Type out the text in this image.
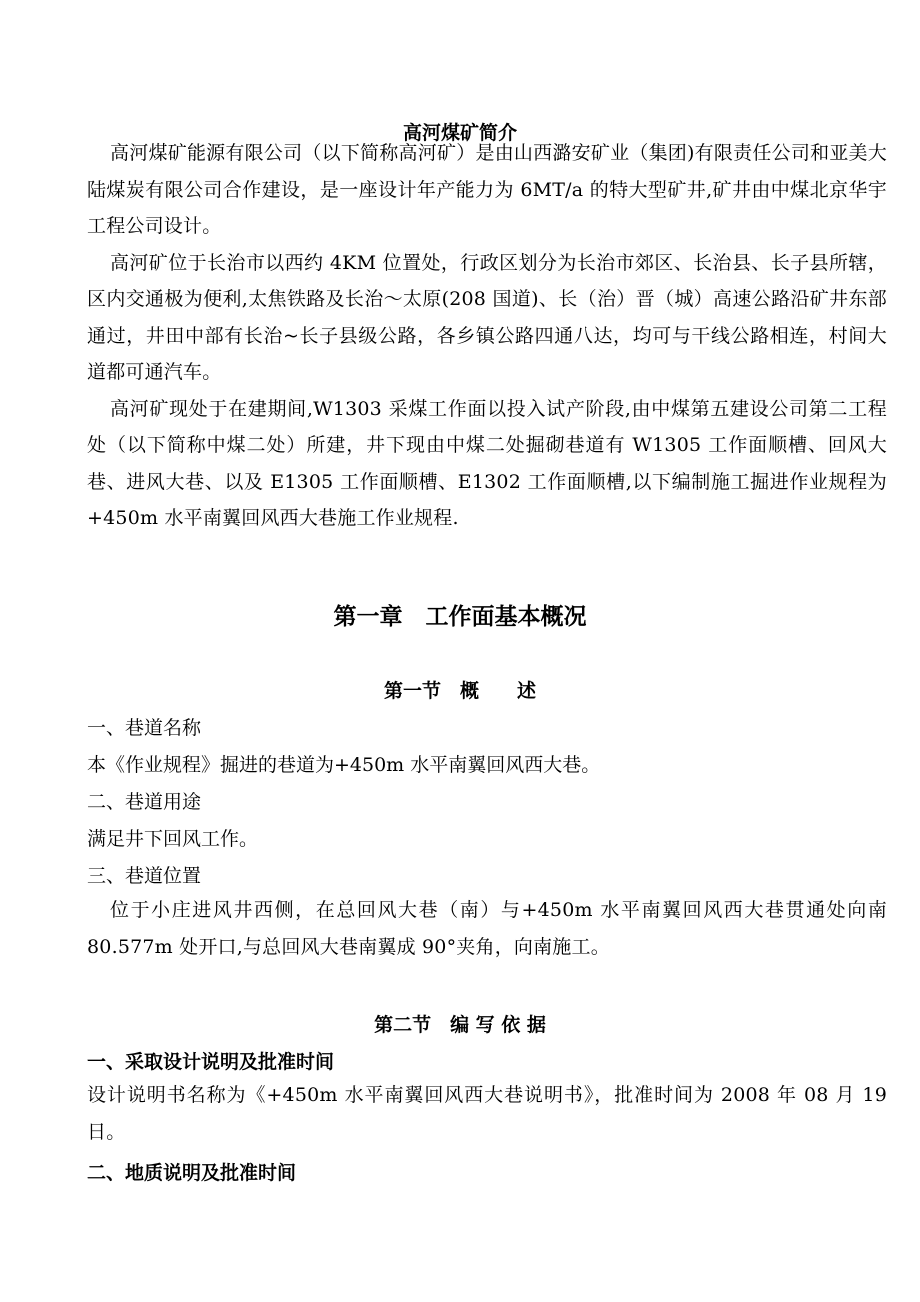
高河煤矿简介

高河煤矿能源有限公司（以下简称高河矿）是由山西潞安矿业（集团)有限责任公司和亚美大陆煤炭有限公司合作建设，是一座设计年产能力为 6MT/a 的特大型矿井,矿井由中煤北京华宇工程公司设计。

高河矿位于长治市以西约 4KM 位置处，行政区划分为长治市郊区、长治县、长子县所辖，区内交通极为便利,太焦铁路及长治～太原(208 国道)、长（治）晋（城）高速公路沿矿井东部通过，井田中部有长治~长子县级公路，各乡镇公路四通八达，均可与干线公路相连，村间大道都可通汽车。

高河矿现处于在建期间,W1303 采煤工作面以投入试产阶段,由中煤第五建设公司第二工程处（以下简称中煤二处）所建，井下现由中煤二处掘砌巷道有 W1305 工作面顺槽、回风大巷、进风大巷、以及 E1305 工作面顺槽、E1302 工作面顺槽,以下编制施工掘进作业规程为+450m 水平南翼回风西大巷施工作业规程.

第一章　工作面基本概况
第一节　概　　述
一、巷道名称
本《作业规程》掘进的巷道为+450m 水平南翼回风西大巷。
二、巷道用途
满足井下回风工作。
三、巷道位置

位于小庄进风井西侧，在总回风大巷（南）与+450m 水平南翼回风西大巷贯通处向南 80.577m 处开口,与总回风大巷南翼成 90°夹角，向南施工。

第二节　编 写 依 据
一、采取设计说明及批准时间

设计说明书名称为《+450m 水平南翼回风西大巷说明书》，批准时间为 2008 年 08 月 19 日。

二、地质说明及批准时间
